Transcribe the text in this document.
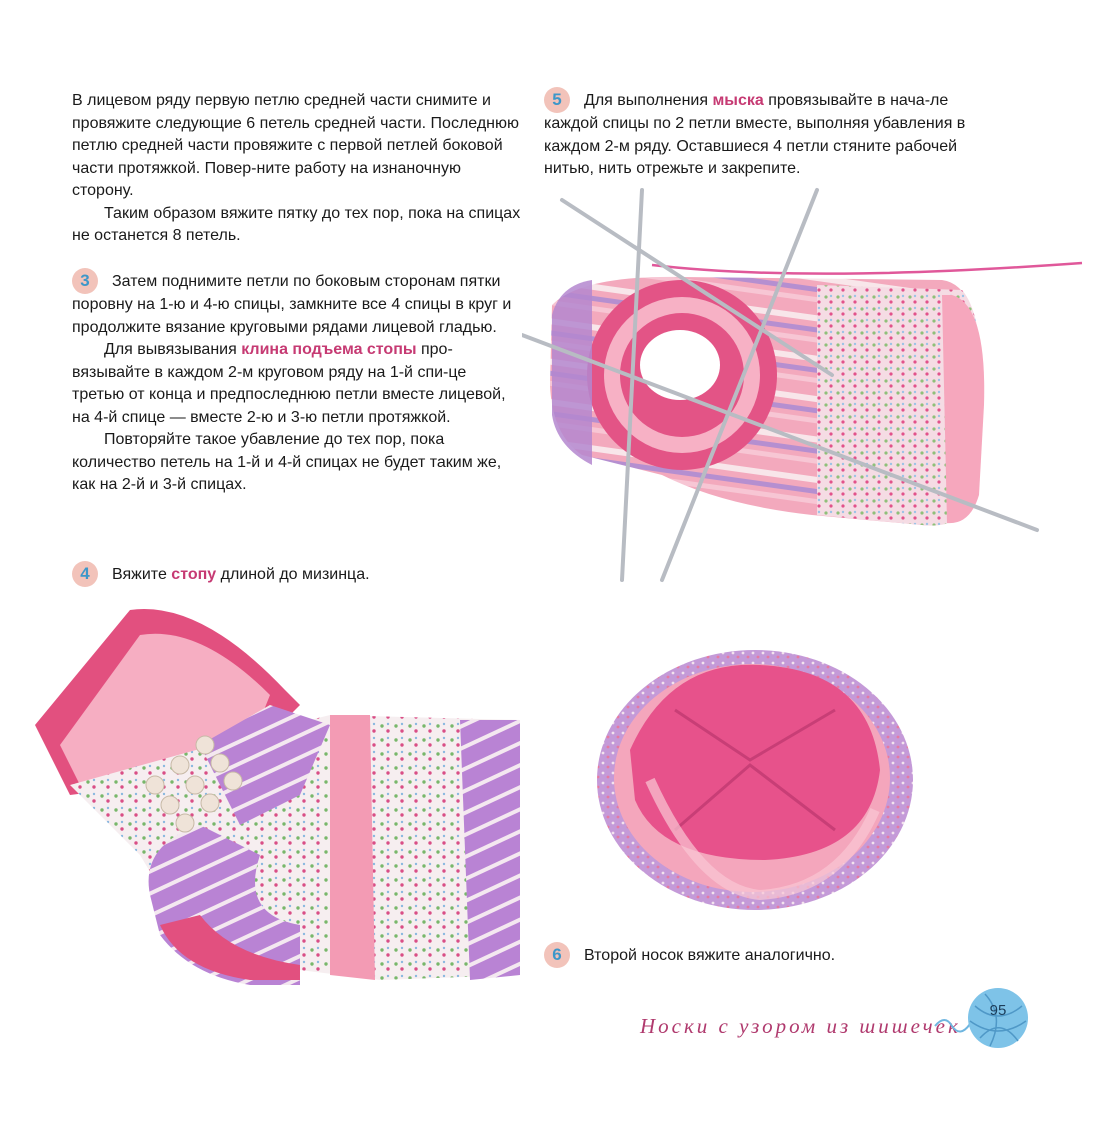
В лицевом ряду первую петлю средней части снимите и провяжите следующие 6 петель средней части. Последнюю петлю средней части провяжите с первой петлей боковой части протяжкой. Повер-ните работу на изнаночную сторону.

Таким образом вяжите пятку до тех пор, пока на спицах не останется 8 петель.

3 Затем поднимите петли по боковым сторонам пятки поровну на 1-ю и 4-ю спицы, замкните все 4 спицы в круг и продолжите вязание круговыми рядами лицевой гладью.

Для вывязывания клина подъема стопы про-вязывайте в каждом 2-м круговом ряду на 1-й спи-це третью от конца и предпоследнюю петли вместе лицевой, на 4-й спице — вместе 2-ю и 3-ю петли протяжкой.

Повторяйте такое убавление до тех пор, пока количество петель на 1-й и 4-й спицах не будет таким же, как на 2-й и 3-й спицах.

4 Вяжите стопу длиной до мизинца.
5 Для выполнения мыска провязывайте в нача-ле каждой спицы по 2 петли вместе, выполняя убавления в каждом 2-м ряду. Оставшиеся 4 петли стяните рабочей нитью, нить отрежьте и закрепите.
6 Второй носок вяжите аналогично.
Носки с узором из шишечек
95
